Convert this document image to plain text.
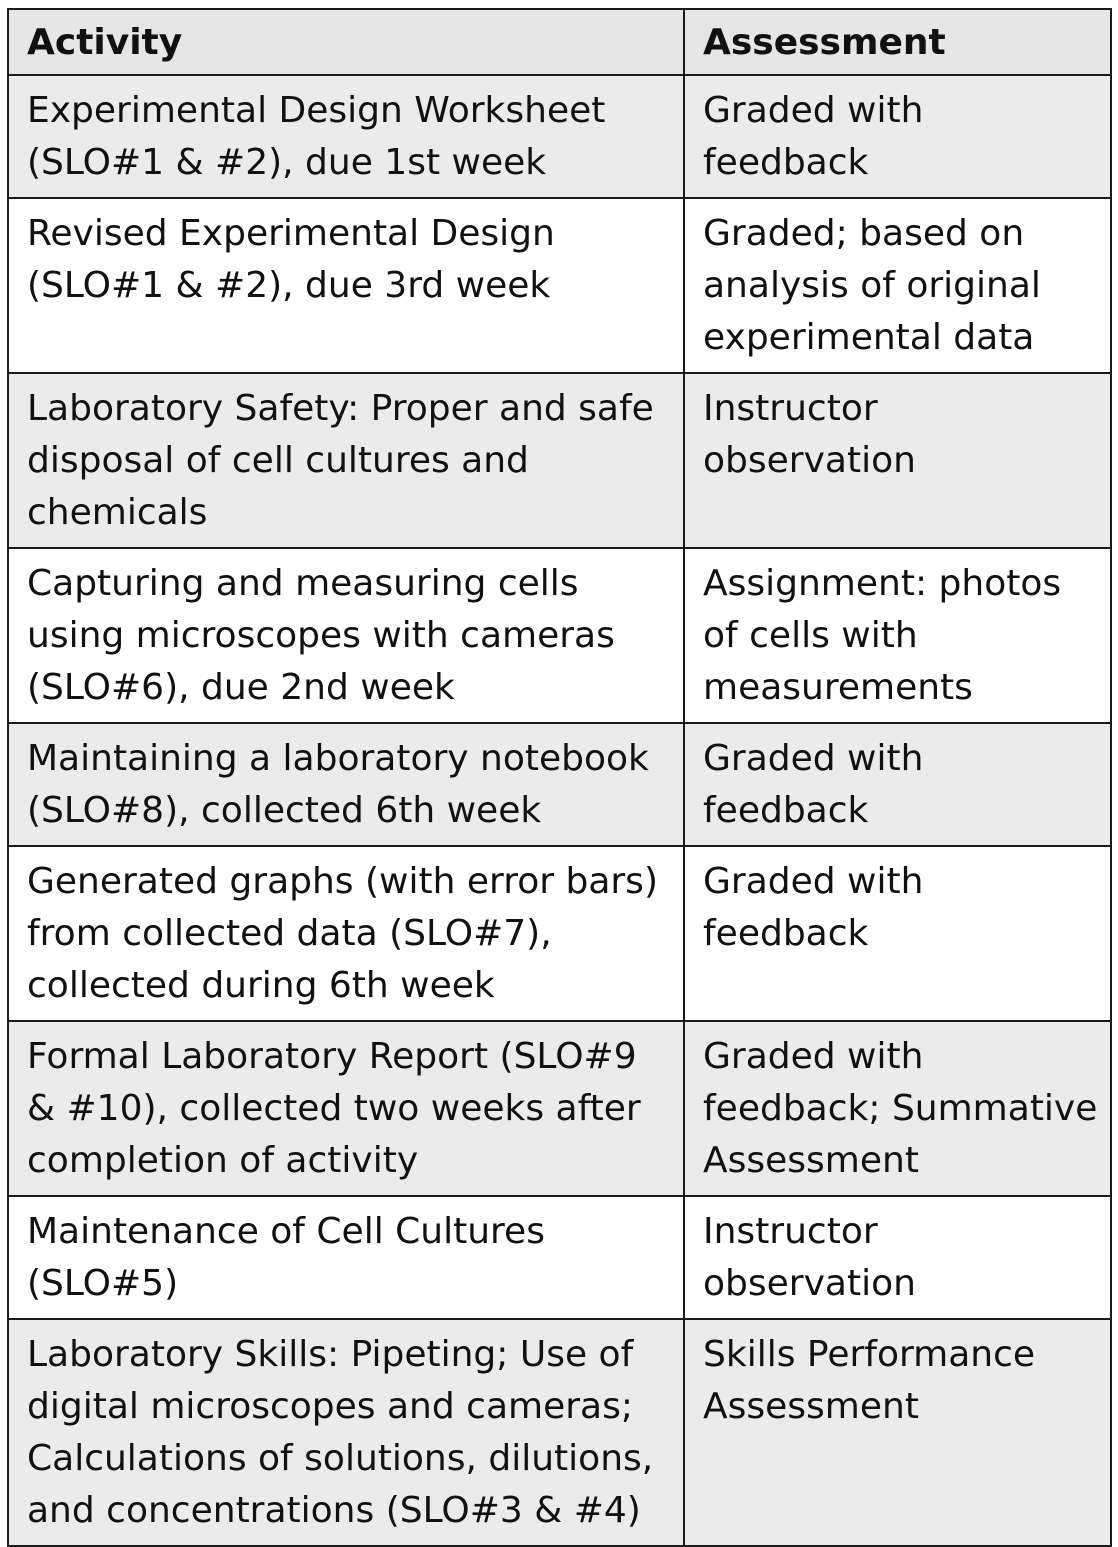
Activity	Assessment
Experimental Design Worksheet (SLO#1 & #2), due 1st week	Graded with feedback
Revised Experimental Design (SLO#1 & #2), due 3rd week	Graded; based on analysis of original experimental data
Laboratory Safety: Proper and safe disposal of cell cultures and chemicals	Instructor observation
Capturing and measuring cells using microscopes with cameras (SLO#6), due 2nd week	Assignment: photos of cells with measurements
Maintaining a laboratory notebook (SLO#8), collected 6th week	Graded with feedback
Generated graphs (with error bars) from collected data (SLO#7), collected during 6th week	Graded with feedback
Formal Laboratory Report (SLO#9 & #10), collected two weeks after completion of activity	Graded with feedback; Summative Assessment
Maintenance of Cell Cultures (SLO#5)	Instructor observation
Laboratory Skills: Pipeting; Use of digital microscopes and cameras; Calculations of solutions, dilutions, and concentrations (SLO#3 & #4)	Skills Performance Assessment
